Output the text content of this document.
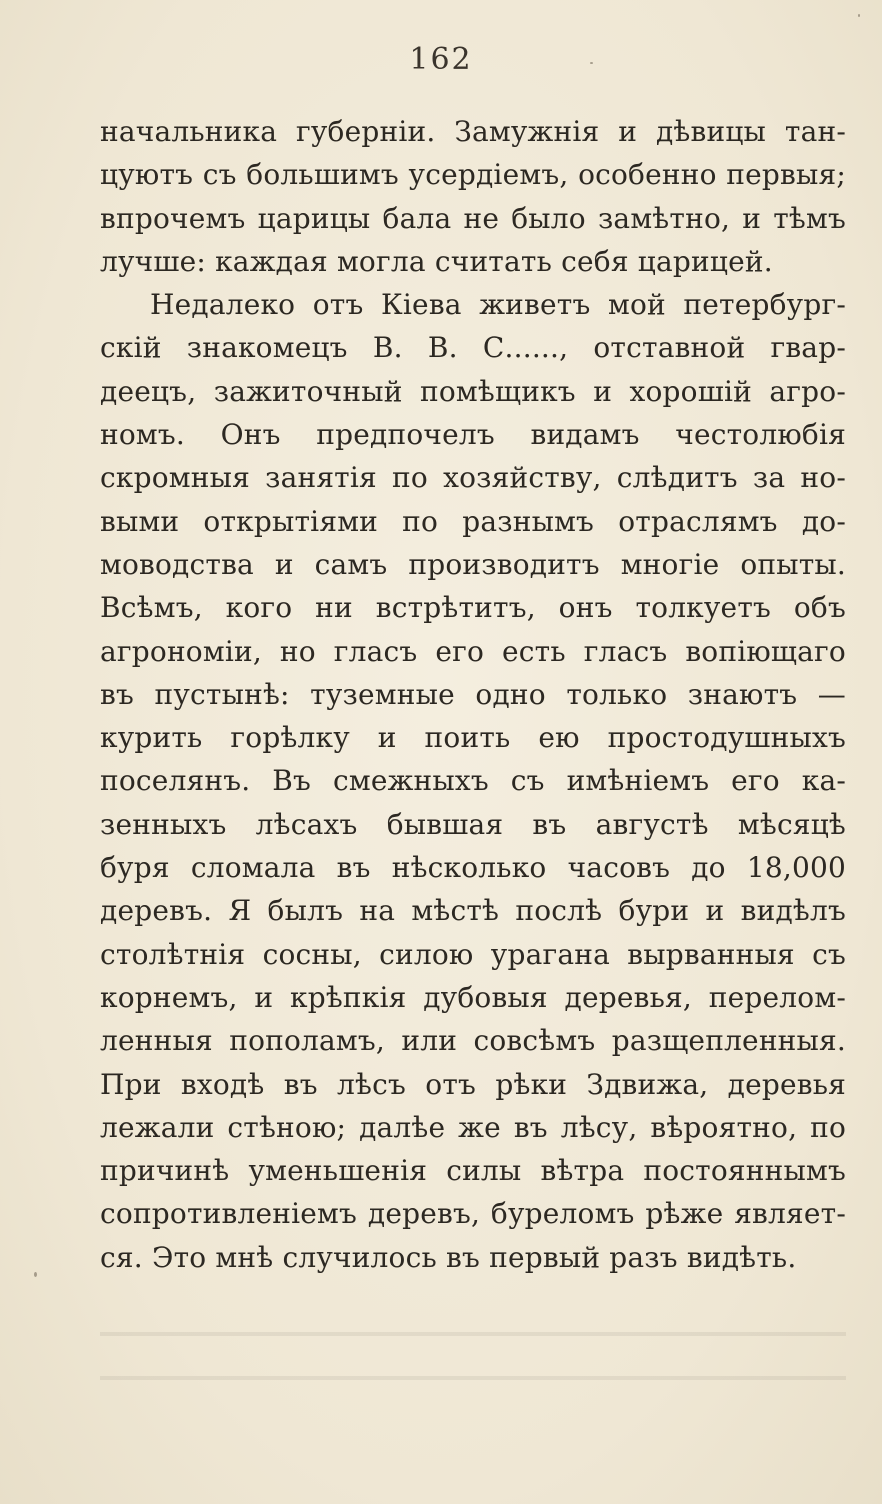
162
начальника губерніи. Замужнія и дѣвицы тан-
цуютъ съ большимъ усердіемъ, особенно первыя;
впрочемъ царицы бала не было замѣтно, и тѣмъ
лучше: каждая могла считать себя царицей.
Недалеко отъ Кіева живетъ мой петербург-
скій знакомецъ В. В. С......, отставной гвар-
деецъ, зажиточный помѣщикъ и хорошій агро-
номъ. Онъ предпочелъ видамъ честолюбія
скромныя занятія по хозяйству, слѣдитъ за но-
выми открытіями по разнымъ отраслямъ до-
моводства и самъ производитъ многіе опыты.
Всѣмъ, кого ни встрѣтитъ, онъ толкуетъ объ
агрономіи, но гласъ его есть гласъ вопіющаго
въ пустынѣ: туземные одно только знаютъ —
курить горѣлку и поить ею простодушныхъ
поселянъ. Въ смежныхъ съ имѣніемъ его ка-
зенныхъ лѣсахъ бывшая въ августѣ мѣсяцѣ
буря сломала въ нѣсколько часовъ до 18,000
деревъ. Я былъ на мѣстѣ послѣ бури и видѣлъ
столѣтнія сосны, силою урагана вырванныя съ
корнемъ, и крѣпкія дубовыя деревья, перелом-
ленныя пополамъ, или совсѣмъ разщепленныя.
При входѣ въ лѣсъ отъ рѣки Здвижа, деревья
лежали стѣною; далѣе же въ лѣсу, вѣроятно, по
причинѣ уменьшенія силы вѣтра постояннымъ
сопротивленіемъ деревъ, буреломъ рѣже являет-
ся. Это мнѣ случилось въ первый разъ видѣть.
